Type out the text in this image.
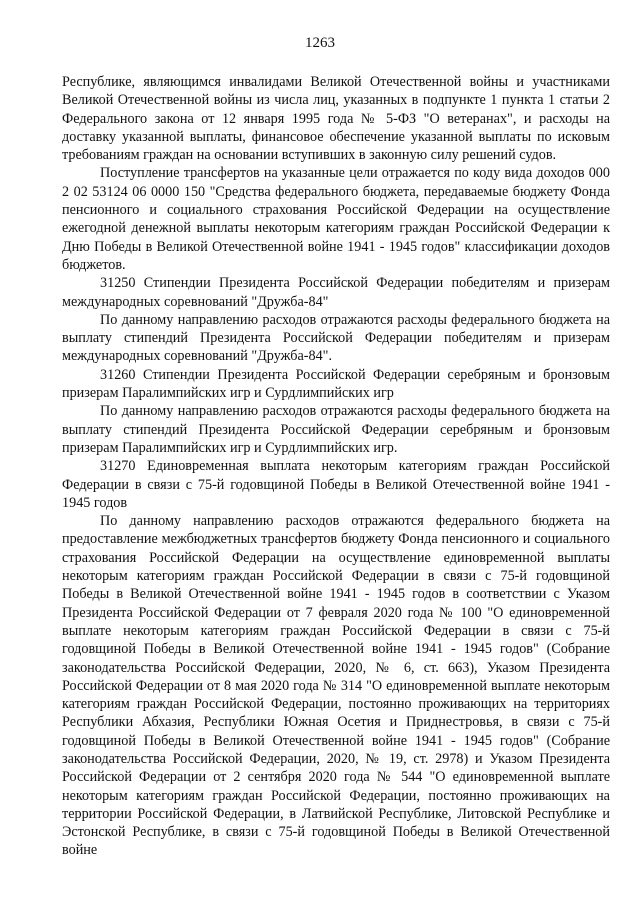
1263

Республике, являющимся инвалидами Великой Отечественной войны и участниками Великой Отечественной войны из числа лиц, указанных в подпункте 1 пункта 1 статьи 2 Федерального закона от 12 января 1995 года № 5-ФЗ "О ветеранах", и расходы на доставку указанной выплаты, финансовое обеспечение указанной выплаты по исковым требованиям граждан на основании вступивших в законную силу решений судов.

Поступление трансфертов на указанные цели отражается по коду вида доходов 000 2 02 53124 06 0000 150 "Средства федерального бюджета, передаваемые бюджету Фонда пенсионного и социального страхования Российской Федерации на осуществление ежегодной денежной выплаты некоторым категориям граждан Российской Федерации к Дню Победы в Великой Отечественной войне 1941 - 1945 годов" классификации доходов бюджетов.

31250 Стипендии Президента Российской Федерации победителям и призерам международных соревнований "Дружба-84"

По данному направлению расходов отражаются расходы федерального бюджета на выплату стипендий Президента Российской Федерации победителям и призерам международных соревнований "Дружба-84".

31260 Стипендии Президента Российской Федерации серебряным и бронзовым призерам Паралимпийских игр и Сурдлимпийских игр

По данному направлению расходов отражаются расходы федерального бюджета на выплату стипендий Президента Российской Федерации серебряным и бронзовым призерам Паралимпийских игр и Сурдлимпийских игр.

31270 Единовременная выплата некоторым категориям граждан Российской Федерации в связи с 75-й годовщиной Победы в Великой Отечественной войне 1941 - 1945 годов

По данному направлению расходов отражаются федерального бюджета на предоставление межбюджетных трансфертов бюджету Фонда пенсионного и социального страхования Российской Федерации на осуществление единовременной выплаты некоторым категориям граждан Российской Федерации в связи с 75-й годовщиной Победы в Великой Отечественной войне 1941 - 1945 годов в соответствии с Указом Президента Российской Федерации от 7 февраля 2020 года № 100 "О единовременной выплате некоторым категориям граждан Российской Федерации в связи с 75-й годовщиной Победы в Великой Отечественной войне 1941 - 1945 годов" (Собрание законодательства Российской Федерации, 2020, № 6, ст. 663), Указом Президента Российской Федерации от 8 мая 2020 года № 314 "О единовременной выплате некоторым категориям граждан Российской Федерации, постоянно проживающих на территориях Республики Абхазия, Республики Южная Осетия и Приднестровья, в связи с 75-й годовщиной Победы в Великой Отечественной войне 1941 - 1945 годов" (Собрание законодательства Российской Федерации, 2020, № 19, ст. 2978) и Указом Президента Российской Федерации от 2 сентября 2020 года № 544 "О единовременной выплате некоторым категориям граждан Российской Федерации, постоянно проживающих на территории Российской Федерации, в Латвийской Республике, Литовской Республике и Эстонской Республике, в связи с 75-й годовщиной Победы в Великой Отечественной войне
